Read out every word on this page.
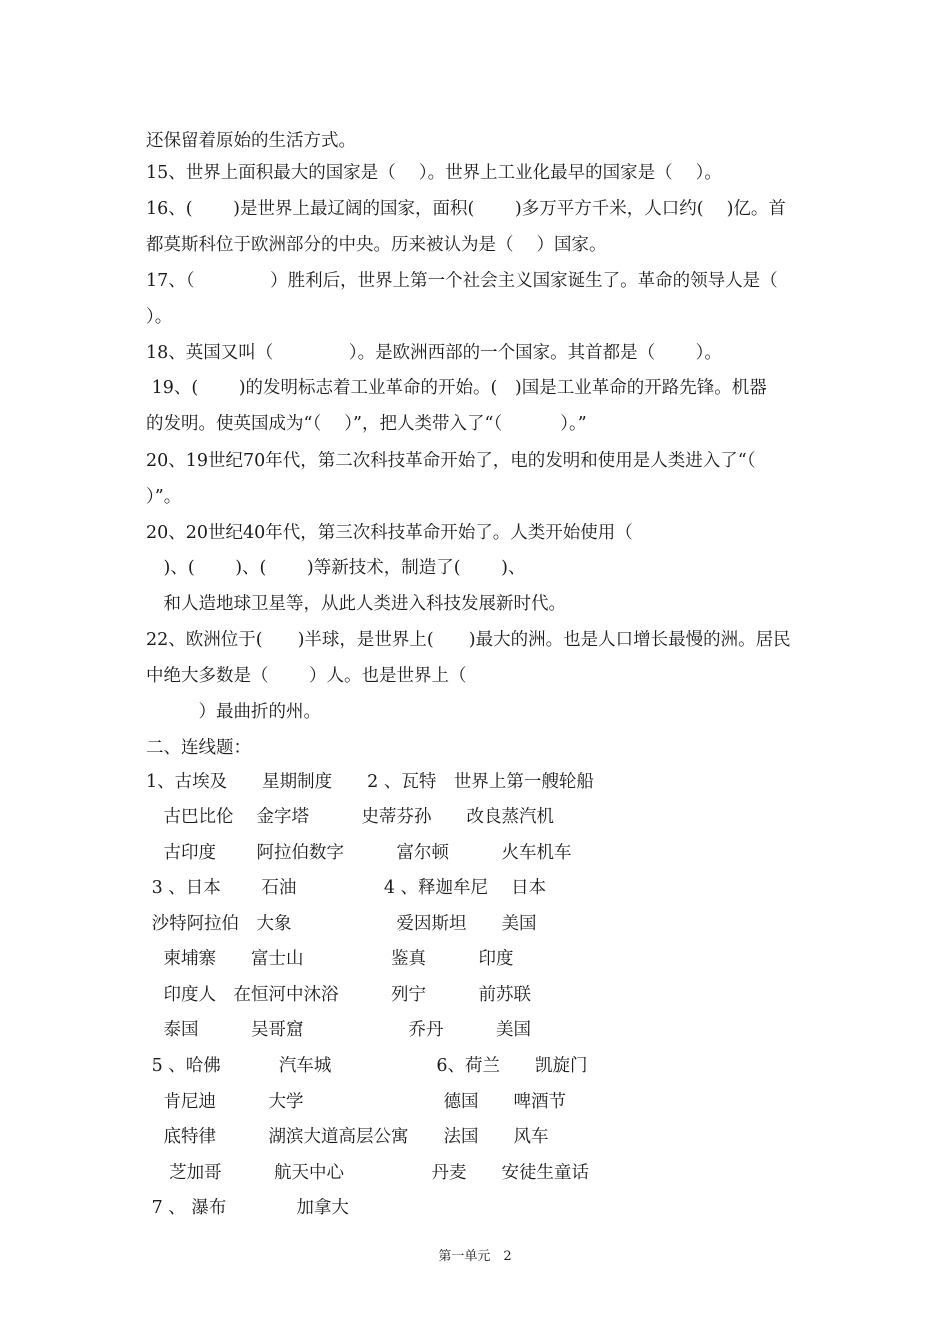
还保留着原始的生活方式。

15、世界上面积最大的国家是（　 ）。世界上工业化最早的国家是（　 ）。

16、(　　 )是世界上最辽阔的国家，面积(　　 )多万平方千米，人口约(　 )亿。首

都莫斯科位于欧洲部分的中央。历来被认为是（　 ）国家。

17、（　　　　 ）胜利后，世界上第一个社会主义国家诞生了。革命的领导人是（

）。

18、英国又叫（　　　　 ）。是欧洲西部的一个国家。其首都是（　　 ）。

19、(　　 )的发明标志着工业革命的开始。(　)国是工业革命的开路先锋。机器

的发明。使英国成为“（　 ）”，把人类带入了“（　　　 ）。”

20、19世纪70年代，第二次科技革命开始了，电的发明和使用是人类进入了“（

）”。

20、20世纪40年代，第三次科技革命开始了。人类开始使用（

　)、(　　 )、(　　 )等新技术，制造了(　　 )、

　和人造地球卫星等，从此人类进入科技发展新时代。

22、欧洲位于(　　)半球，是世界上(　　)最大的洲。也是人口增长最慢的洲。居民

中绝大多数是（　　 ）人。也是世界上（

　　　）最曲折的州。

二、连线题：

1、古埃及　　星期制度　　2 、瓦特　世界上第一艘轮船

　古巴比伦　 金字塔　　　史蒂芬孙　　改良蒸汽机

　古印度　　 阿拉伯数字　　　富尔顿　　　火车机车

3 、日本　　 石油　　　　　4 、释迦牟尼　 日本

沙特阿拉伯　大象　　　　　　爱因斯坦　　美国

　柬埔寨　　富士山　　　　　鉴真　　　印度

　印度人　在恒河中沐浴　　　列宁　　　前苏联

　泰国　　　吴哥窟　　　　　　乔丹　　　美国

5 、哈佛　　　 汽车城　　　　　　6、荷兰　　凯旋门

　肯尼迪　　　大学　　　　　　　　德国　　啤酒节

　底特律　　　湖滨大道高层公寓　　法国　　风车

　 芝加哥　　　航天中心　　　　　丹麦　　安徒生童话

7 、 瀑布　　　　加拿大

第一单元　2
